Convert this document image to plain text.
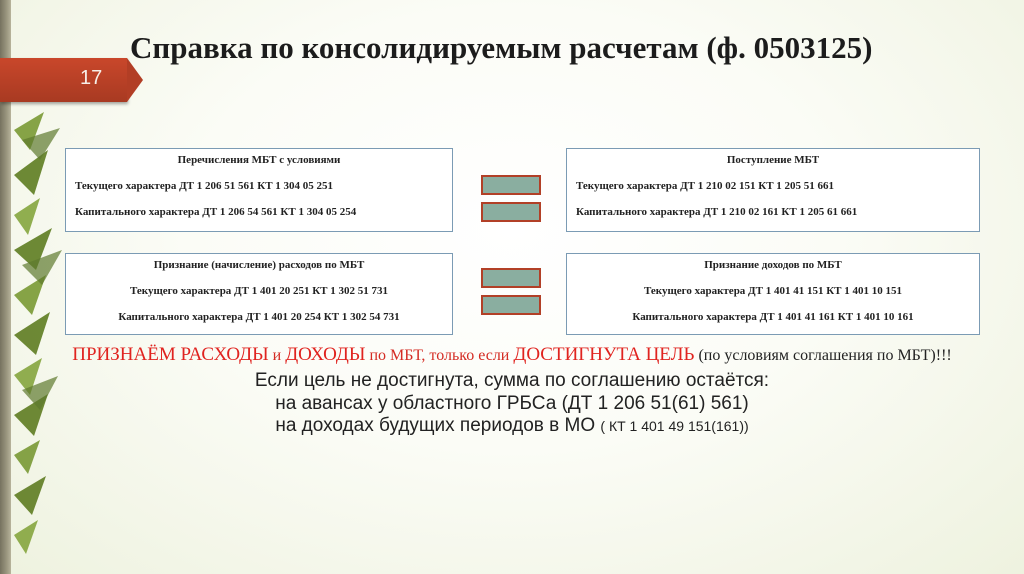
17
Справка по консолидируемым расчетам (ф. 0503125)
Перечисления МБТ с условиями
Текущего характера ДТ 1 206 51 561 КТ 1 304 05 251
Капитального характера ДТ 1 206 54 561 КТ 1 304 05 254
Поступление МБТ
Текущего характера ДТ 1 210 02 151 КТ 1 205 51 661
Капитального характера ДТ 1 210 02 161 КТ 1 205 61 661
Признание (начисление) расходов по МБТ
Текущего характера ДТ 1 401 20 251 КТ 1 302 51 731
Капитального характера ДТ 1 401 20 254 КТ 1 302 54 731
Признание доходов по МБТ
Текущего характера ДТ 1 401 41 151 КТ 1 401 10 151
Капитального характера ДТ 1 401 41 161 КТ 1 401 10 161
ПРИЗНАЁМ РАСХОДЫ и ДОХОДЫ по МБТ, только если ДОСТИГНУТА ЦЕЛЬ (по условиям соглашения по МБТ)!!!
Если цель не достигнута, сумма по соглашению остаётся:
на авансах у областного ГРБСа (ДТ 1 206 51(61) 561)
на доходах будущих периодов в МО ( КТ 1 401 49 151(161))
